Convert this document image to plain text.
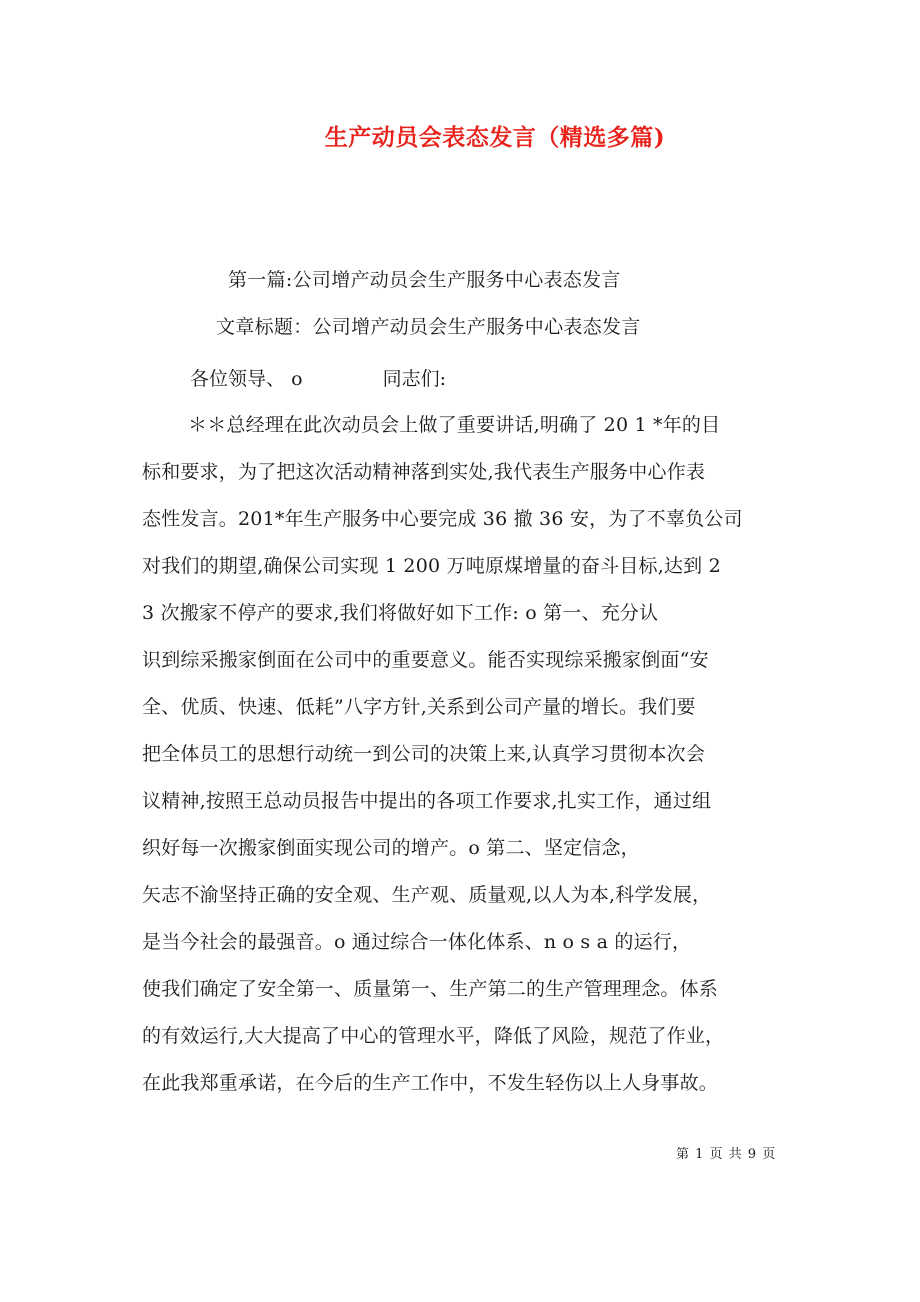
生产动员会表态发言（精选多篇)
第一篇:公司增产动员会生产服务中心表态发言
文章标题：公司增产动员会生产服务中心表态发言
各位领导、 o	同志们:
＊＊总经理在此次动员会上做了重要讲话,明确了 20 1 *年的目
标和要求，为了把这次活动精神落到实处,我代表生产服务中心作表
态性发言。201*年生产服务中心要完成 36 撤 36 安，为了不辜负公司
对我们的期望,确保公司实现 1 200 万吨原煤增量的奋斗目标,达到 2
3 次搬家不停产的要求,我们将做好如下工作: o 第一、充分认
识到综采搬家倒面在公司中的重要意义。能否实现综采搬家倒面“安
全、优质、快速、低耗”八字方针,关系到公司产量的增长。我们要
把全体员工的思想行动统一到公司的决策上来,认真学习贯彻本次会
议精神,按照王总动员报告中提出的各项工作要求,扎实工作，通过组
织好每一次搬家倒面实现公司的增产。o 第二、坚定信念，
矢志不渝坚持正确的安全观、生产观、质量观,以人为本,科学发展，
是当今社会的最强音。o 通过综合一体化体系、n o s a 的运行，
使我们确定了安全第一、质量第一、生产第二的生产管理理念。体系
的有效运行,大大提高了中心的管理水平，降低了风险，规范了作业，
在此我郑重承诺，在今后的生产工作中，不发生轻伤以上人身事故。
第 1 页 共 9 页
